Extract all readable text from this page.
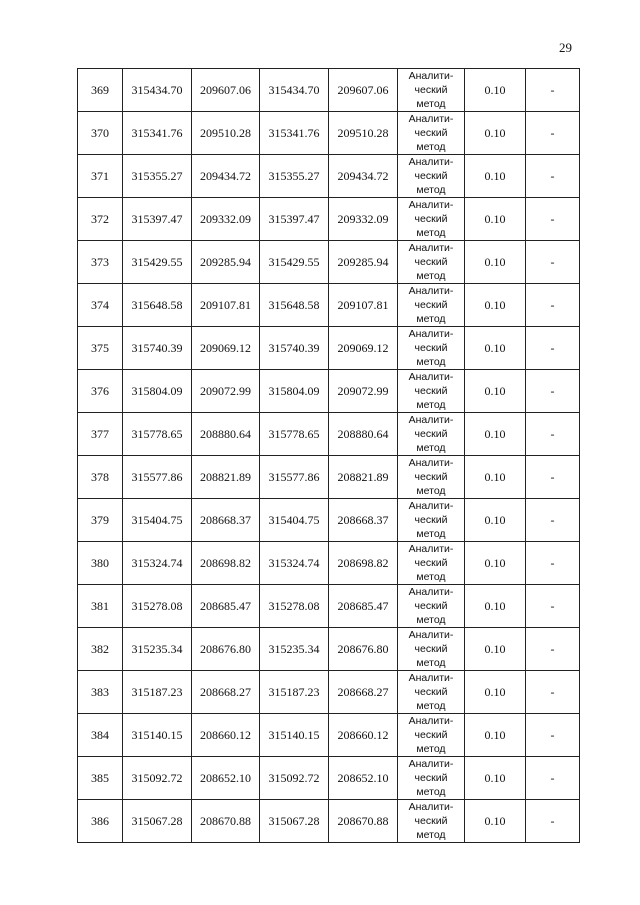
29
369	315434.70	209607.06	315434.70	209607.06	Аналити-
ческий
метод	0.10	-
370	315341.76	209510.28	315341.76	209510.28	Аналити-
ческий
метод	0.10	-
371	315355.27	209434.72	315355.27	209434.72	Аналити-
ческий
метод	0.10	-
372	315397.47	209332.09	315397.47	209332.09	Аналити-
ческий
метод	0.10	-
373	315429.55	209285.94	315429.55	209285.94	Аналити-
ческий
метод	0.10	-
374	315648.58	209107.81	315648.58	209107.81	Аналити-
ческий
метод	0.10	-
375	315740.39	209069.12	315740.39	209069.12	Аналити-
ческий
метод	0.10	-
376	315804.09	209072.99	315804.09	209072.99	Аналити-
ческий
метод	0.10	-
377	315778.65	208880.64	315778.65	208880.64	Аналити-
ческий
метод	0.10	-
378	315577.86	208821.89	315577.86	208821.89	Аналити-
ческий
метод	0.10	-
379	315404.75	208668.37	315404.75	208668.37	Аналити-
ческий
метод	0.10	-
380	315324.74	208698.82	315324.74	208698.82	Аналити-
ческий
метод	0.10	-
381	315278.08	208685.47	315278.08	208685.47	Аналити-
ческий
метод	0.10	-
382	315235.34	208676.80	315235.34	208676.80	Аналити-
ческий
метод	0.10	-
383	315187.23	208668.27	315187.23	208668.27	Аналити-
ческий
метод	0.10	-
384	315140.15	208660.12	315140.15	208660.12	Аналити-
ческий
метод	0.10	-
385	315092.72	208652.10	315092.72	208652.10	Аналити-
ческий
метод	0.10	-
386	315067.28	208670.88	315067.28	208670.88	Аналити-
ческий
метод	0.10	-
